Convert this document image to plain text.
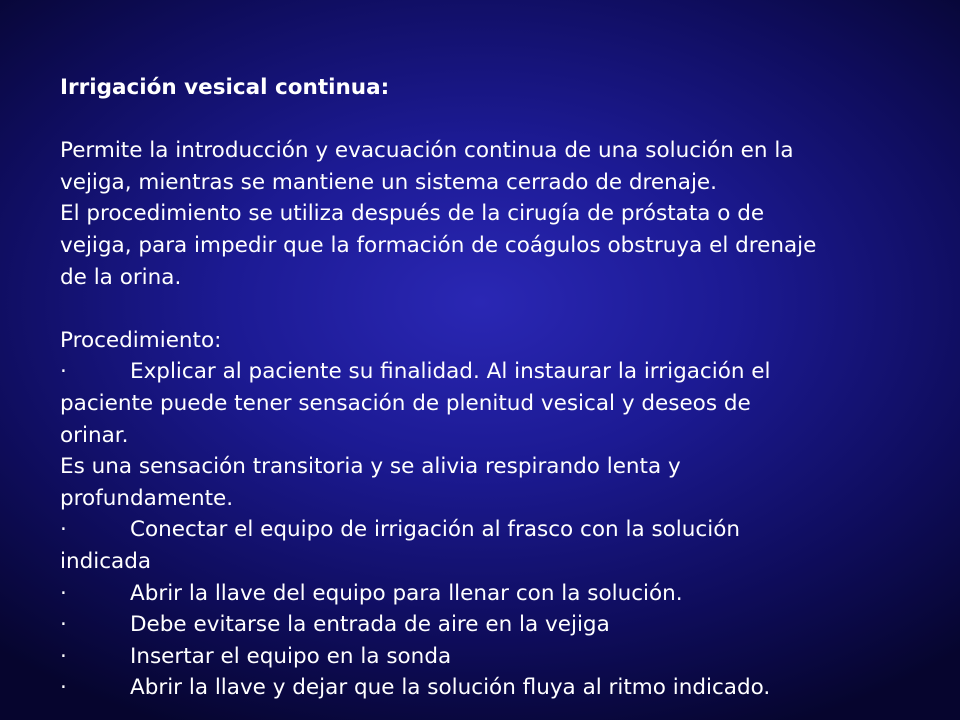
Irrigación vesical continua:
Permite la introducción y evacuación continua de una solución en la
vejiga, mientras se mantiene un sistema cerrado de drenaje.
El procedimiento se utiliza después de la cirugía de próstata o de
vejiga, para impedir que la formación de coágulos obstruya el drenaje
de la orina.
Procedimiento:
·	Explicar al paciente su finalidad. Al instaurar la irrigación el
paciente puede tener sensación de plenitud vesical y deseos de
orinar.
Es una sensación transitoria y se alivia respirando lenta y
profundamente.
·	Conectar el equipo de irrigación al frasco con la solución
indicada
·	Abrir la llave del equipo para llenar con la solución.
·	Debe evitarse la entrada de aire en la vejiga
·	Insertar el equipo en la sonda
·	Abrir la llave y dejar que la solución fluya al ritmo indicado.
